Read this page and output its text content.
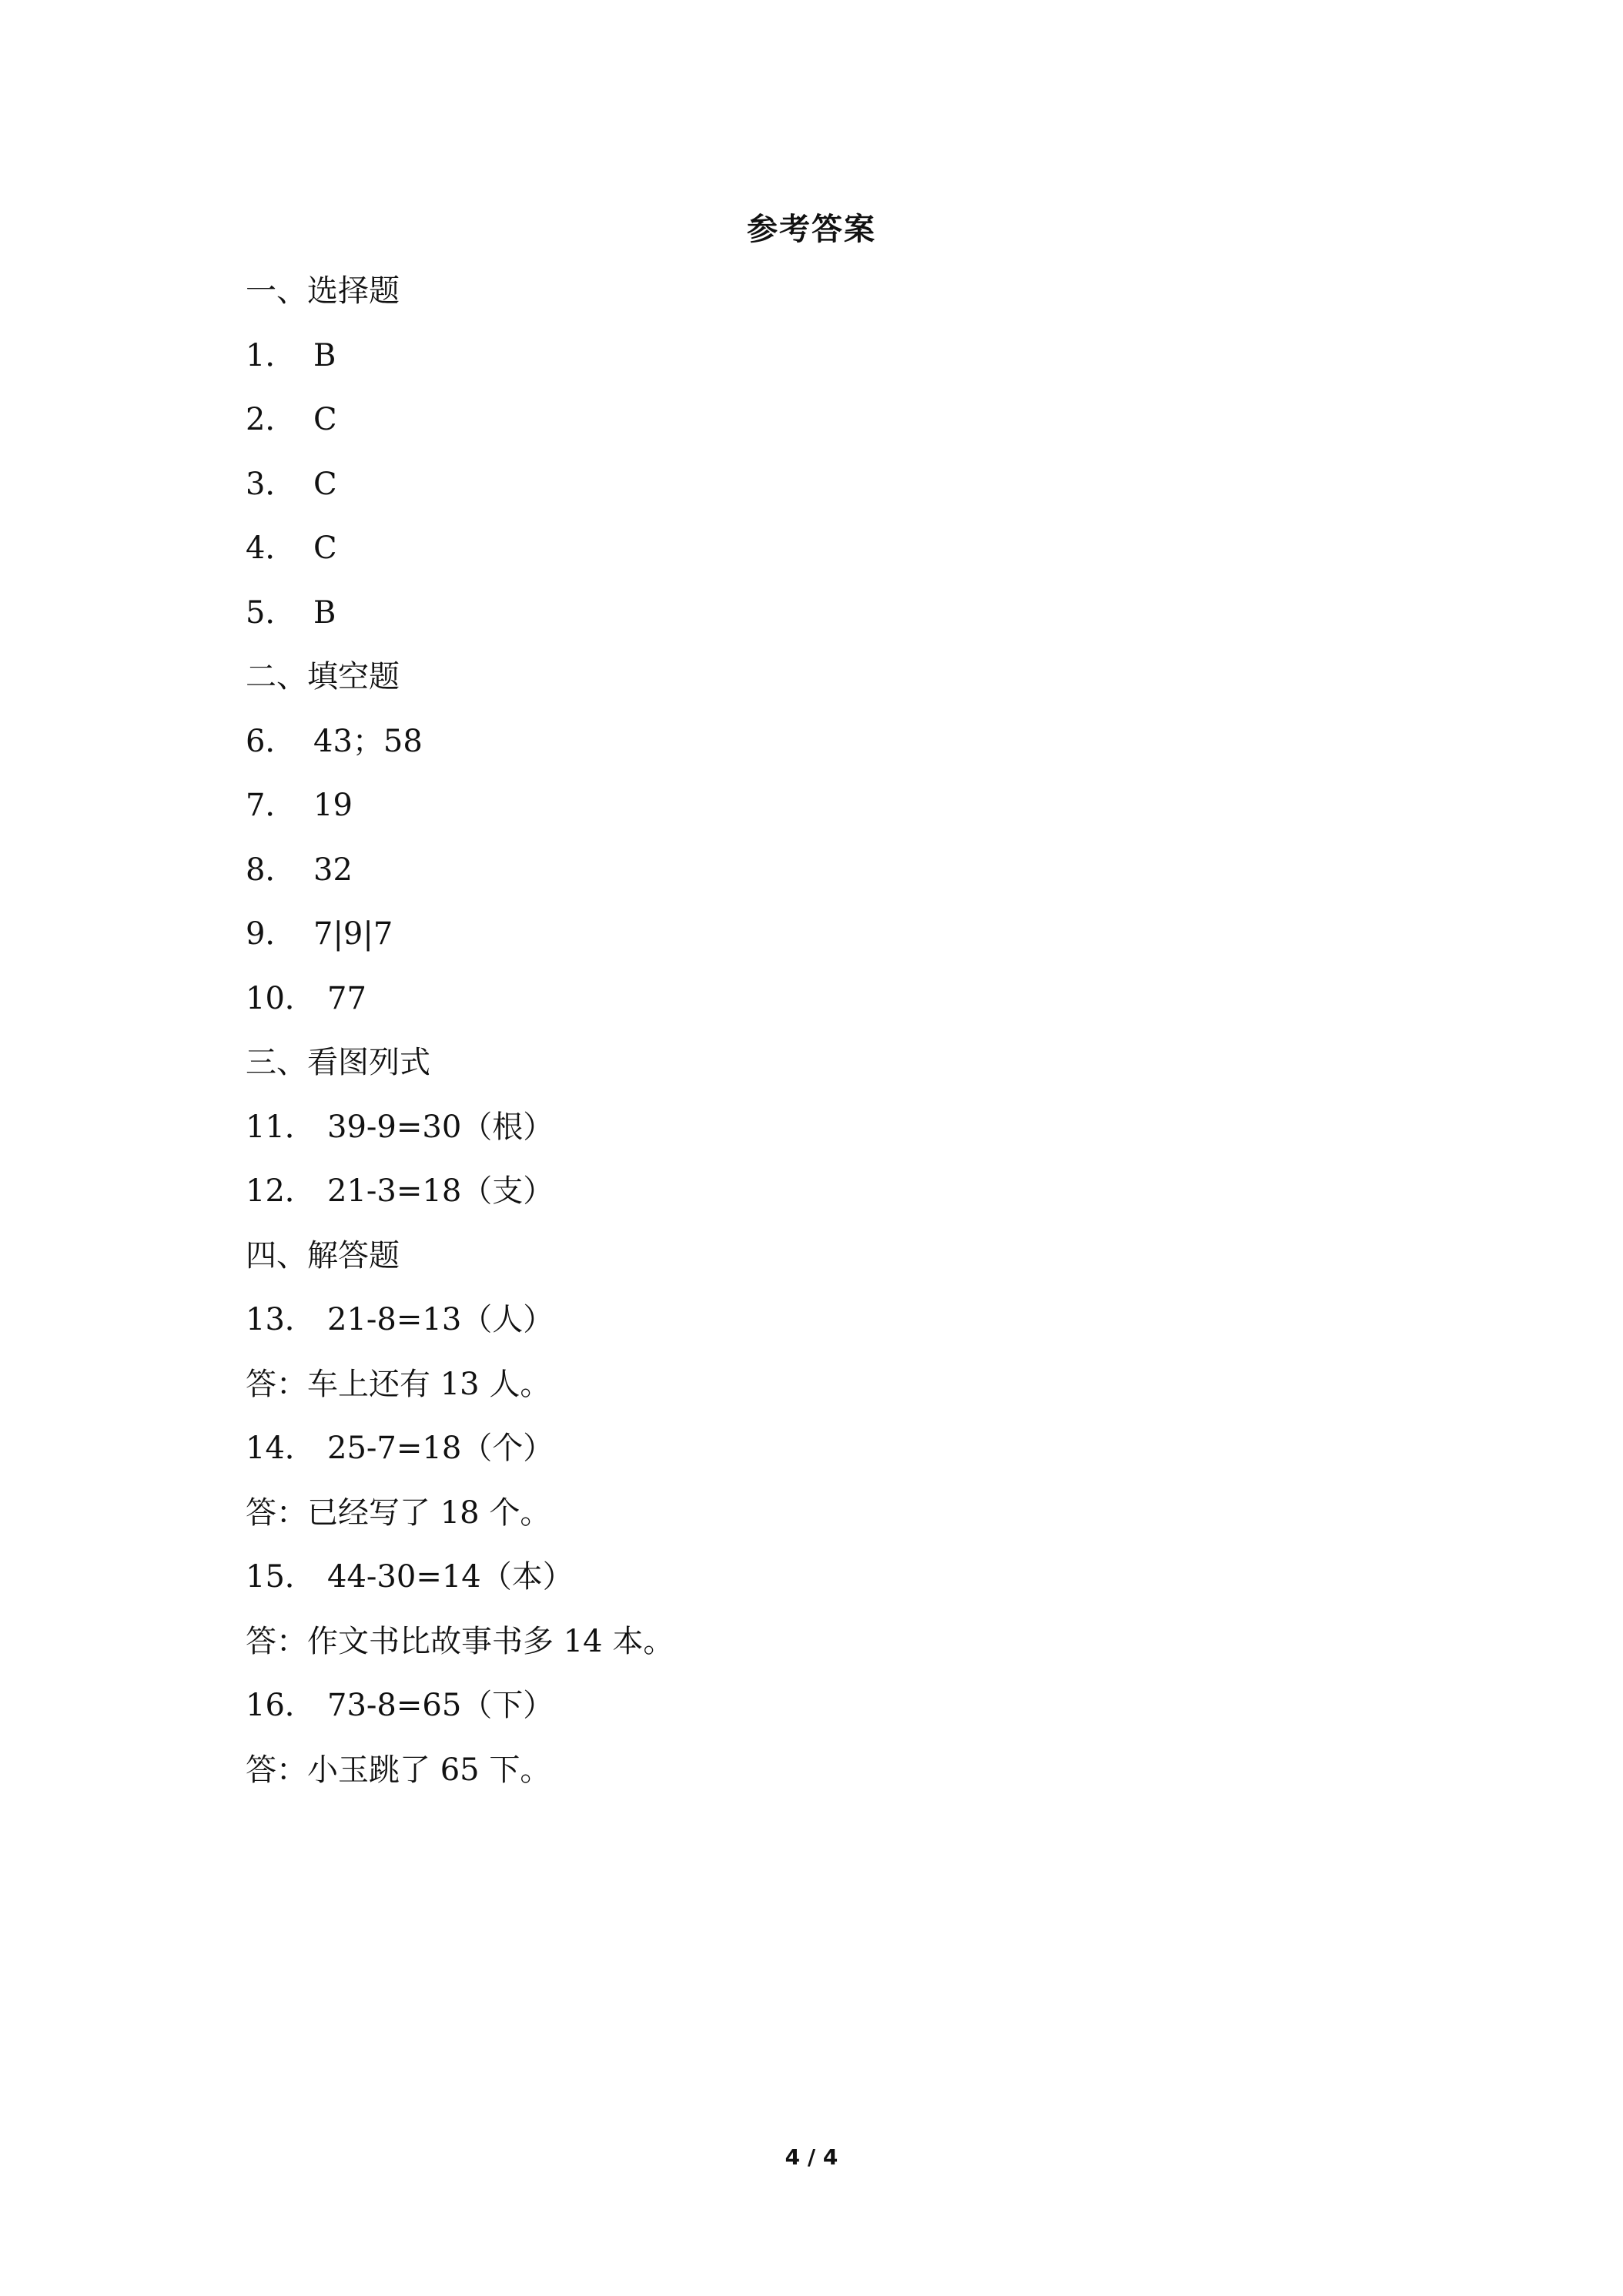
参考答案
一、选择题
1． B
2． C
3． C
4． C
5． B
二、填空题
6． 43；58
7． 19
8． 32
9． 7|9|7
10． 77
三、看图列式
11． 39-9=30（根）
12． 21-3=18（支）
四、解答题
13． 21-8=13（人）
答：车上还有 13 人。
14． 25-7=18（个）
答：已经写了 18 个。
15． 44-30=14（本）
答：作文书比故事书多 14 本。
16． 73-8=65（下）
答：小玉跳了 65 下。
4 / 4
